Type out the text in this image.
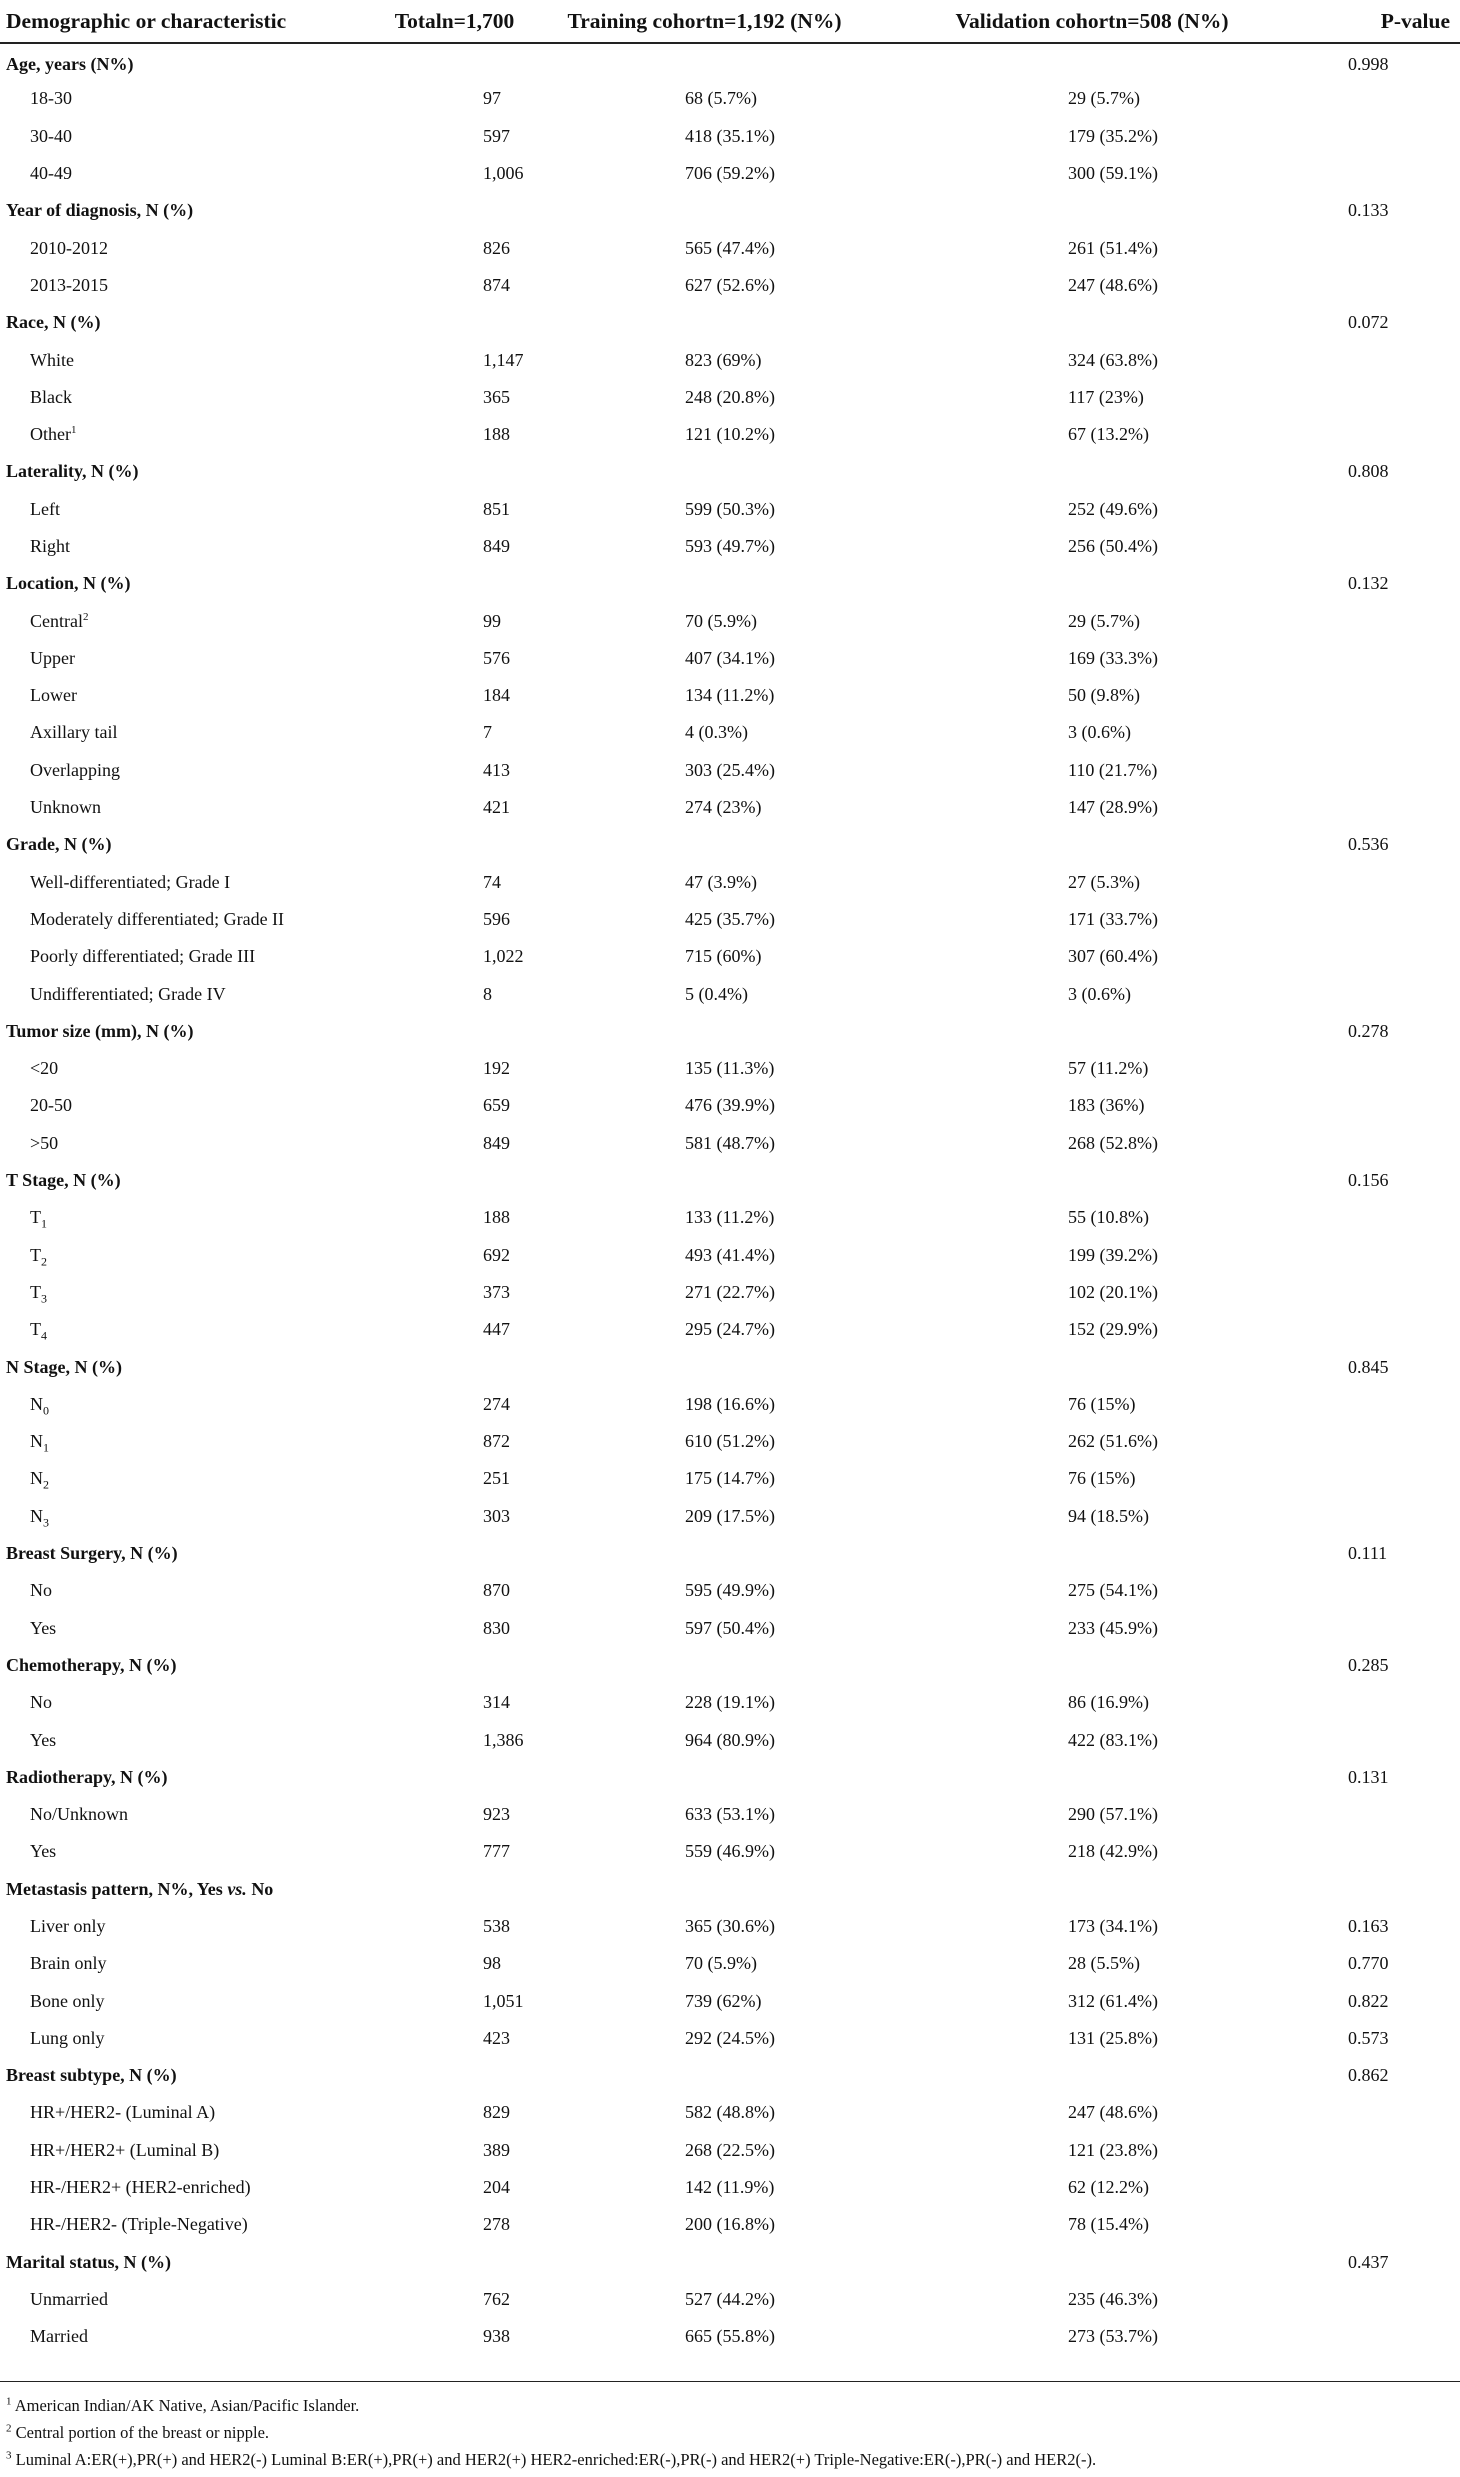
Demographic or characteristic	Totaln=1,700	Training cohortn=1,192 (N%)	Validation cohortn=508 (N%)	P-value
Age, years (N%)				0.998
18-30	97	68 (5.7%)	29 (5.7%)	
30-40	597	418 (35.1%)	179 (35.2%)	
40-49	1,006	706 (59.2%)	300 (59.1%)	
Year of diagnosis, N (%)				0.133
2010-2012	826	565 (47.4%)	261 (51.4%)	
2013-2015	874	627 (52.6%)	247 (48.6%)	
Race, N (%)				0.072
White	1,147	823 (69%)	324 (63.8%)	
Black	365	248 (20.8%)	117 (23%)	
Other$^1$	188	121 (10.2%)	67 (13.2%)	
Laterality, N (%)				0.808
Left	851	599 (50.3%)	252 (49.6%)	
Right	849	593 (49.7%)	256 (50.4%)	
Location, N (%)				0.132
Central$^2$	99	70 (5.9%)	29 (5.7%)	
Upper	576	407 (34.1%)	169 (33.3%)	
Lower	184	134 (11.2%)	50 (9.8%)	
Axillary tail	7	4 (0.3%)	3 (0.6%)	
Overlapping	413	303 (25.4%)	110 (21.7%)	
Unknown	421	274 (23%)	147 (28.9%)	
Grade, N (%)				0.536
Well-differentiated; Grade I	74	47 (3.9%)	27 (5.3%)	
Moderately differentiated; Grade II	596	425 (35.7%)	171 (33.7%)	
Poorly differentiated; Grade III	1,022	715 (60%)	307 (60.4%)	
Undifferentiated; Grade IV	8	5 (0.4%)	3 (0.6%)	
Tumor size (mm), N (%)				0.278
<20	192	135 (11.3%)	57 (11.2%)	
20-50	659	476 (39.9%)	183 (36%)	
>50	849	581 (48.7%)	268 (52.8%)	
T Stage, N (%)				0.156
$T_1$	188	133 (11.2%)	55 (10.8%)	
$T_2$	692	493 (41.4%)	199 (39.2%)	
$T_3$	373	271 (22.7%)	102 (20.1%)	
$T_4$	447	295 (24.7%)	152 (29.9%)	
N Stage, N (%)				0.845
$N_0$	274	198 (16.6%)	76 (15%)	
$N_1$	872	610 (51.2%)	262 (51.6%)	
$N_2$	251	175 (14.7%)	76 (15%)	
$N_3$	303	209 (17.5%)	94 (18.5%)	
Breast Surgery, N (%)				0.111
No	870	595 (49.9%)	275 (54.1%)	
Yes	830	597 (50.4%)	233 (45.9%)	
Chemotherapy, N (%)				0.285
No	314	228 (19.1%)	86 (16.9%)	
Yes	1,386	964 (80.9%)	422 (83.1%)	
Radiotherapy, N (%)				0.131
No/Unknown	923	633 (53.1%)	290 (57.1%)	
Yes	777	559 (46.9%)	218 (42.9%)	
Metastasis pattern, N%, Yes vs. No				
Liver only	538	365 (30.6%)	173 (34.1%)	0.163
Brain only	98	70 (5.9%)	28 (5.5%)	0.770
Bone only	1,051	739 (62%)	312 (61.4%)	0.822
Lung only	423	292 (24.5%)	131 (25.8%)	0.573
Breast subtype, N (%)				0.862
HR+/HER2- (Luminal A)	829	582 (48.8%)	247 (48.6%)	
HR+/HER2+ (Luminal B)	389	268 (22.5%)	121 (23.8%)	
HR-/HER2+ (HER2-enriched)	204	142 (11.9%)	62 (12.2%)	
HR-/HER2- (Triple-Negative)	278	200 (16.8%)	78 (15.4%)	
Marital status, N (%)				0.437
Unmarried	762	527 (44.2%)	235 (46.3%)	
Married	938	665 (55.8%)	273 (53.7%)	
$^1$ American Indian/AK Native, Asian/Pacific Islander.
$^2$ Central portion of the breast or nipple.
$^3$ Luminal A:ER(+),PR(+) and HER2(-) Luminal B:ER(+),PR(+) and HER2(+) HER2-enriched:ER(-),PR(-) and HER2(+) Triple-Negative:ER(-),PR(-) and HER2(-).
